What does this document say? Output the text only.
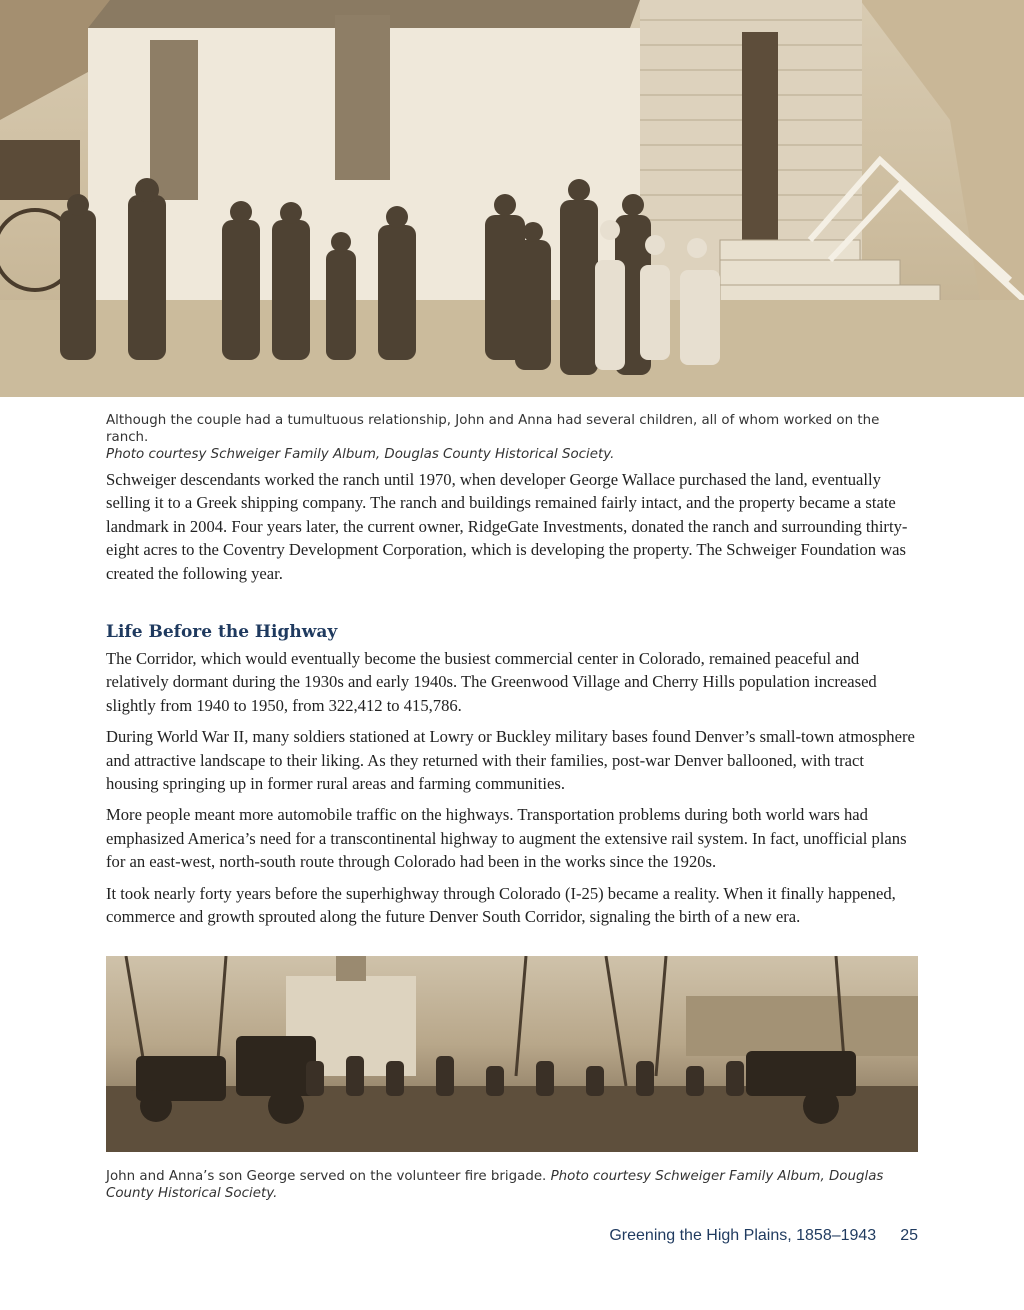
Although the couple had a tumultuous relationship, John and Anna had several children, all of whom worked on the ranch.
Photo courtesy Schweiger Family Album, Douglas County Historical Society.

Schweiger descendants worked the ranch until 1970, when developer George Wallace purchased the land, eventually selling it to a Greek shipping company. The ranch and buildings remained fairly intact, and the property became a state landmark in 2004. Four years later, the current owner, RidgeGate Investments, donated the ranch and surrounding thirty-eight acres to the Coventry Development Corporation, which is developing the property. The Schweiger Foundation was created the following year.

Life Before the Highway

The Corridor, which would eventually become the busiest commercial center in Colorado, remained peaceful and relatively dormant during the 1930s and early 1940s. The Greenwood Village and Cherry Hills population increased slightly from 1940 to 1950, from 322,412 to 415,786.

During World War II, many soldiers stationed at Lowry or Buckley military bases found Denver’s small-town atmosphere and attractive landscape to their liking. As they returned with their families, post-war Denver ballooned, with tract housing springing up in former rural areas and farming communities.

More people meant more automobile traffic on the highways. Transportation problems during both world wars had emphasized America’s need for a transcontinental highway to augment the extensive rail system. In fact, unofficial plans for an east-west, north-south route through Colorado had been in the works since the 1920s.

It took nearly forty years before the superhighway through Colorado (I-25) became a reality. When it finally happened, commerce and growth sprouted along the future Denver South Corridor, signaling the birth of a new era.

John and Anna’s son George served on the volunteer fire brigade. Photo courtesy Schweiger Family Album, Douglas County Historical Society.
Greening the High Plains, 1858–1943 25
